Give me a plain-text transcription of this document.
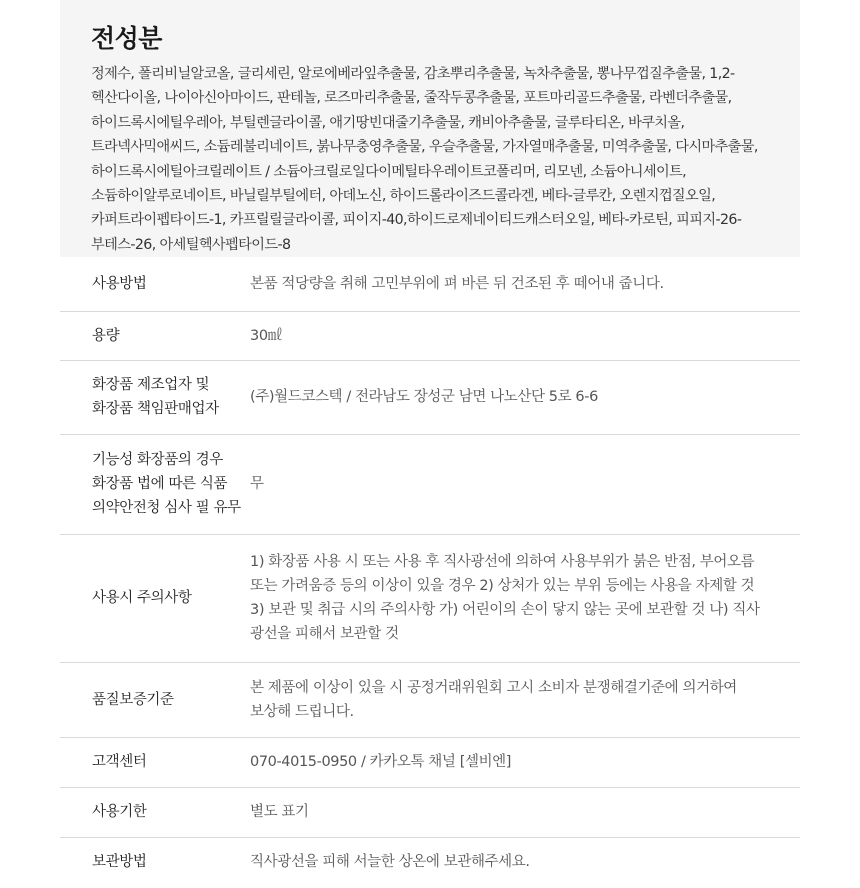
전성분

정제수, 폴리비닐알코올, 글리세린, 알로에베라잎추출물, 감초뿌리추출물, 녹차추출물, 뽕나무껍질추출물, 1,2-헥산다이올, 나이아신아마이드, 판테놀, 로즈마리추출물, 줄작두콩추출물, 포트마리골드추출물, 라벤더추출물, 하이드록시에틸우레아, 부틸렌글라이콜, 애기땅빈대줄기추출물, 캐비아추출물, 글루타티온, 바쿠치올, 트라넥사믹애씨드, 소듐레불리네이트, 붉나무충영추출물, 우슬추출물, 가자열매추출물, 미역추출물, 다시마추출물, 하이드록시에틸아크릴레이트 / 소듐아크릴로일다이메틸타우레이트코폴리머, 리모넨, 소듐아니세이트, 소듐하이알루로네이트, 바닐릴부틸에터, 아데노신, 하이드롤라이즈드콜라겐, 베타-글루칸, 오렌지껍질오일, 카퍼트라이펩타이드-1, 카프릴릴글라이콜, 피이지-40,하이드로제네이티드캐스터오일, 베타-카로틴, 피피지-26-부테스-26, 아세틸헥사펩타이드-8

사용방법	본품 적당량을 취해 고민부위에 펴 바른 뒤 건조된 후 떼어내 줍니다.
용량	30㎖
화장품 제조업자 및
화장품 책임판매업자	(주)월드코스텍 / 전라남도 장성군 남면 나노산단 5로 6-6
기능성 화장품의 경우
화장품 법에 따른 식품
의약안전청 심사 필 유무	무
사용시 주의사항	1) 화장품 사용 시 또는 사용 후 직사광선에 의하여 사용부위가 붉은 반점, 부어오름 또는 가려움증 등의 이상이 있을 경우 2) 상처가 있는 부위 등에는 사용을 자제할 것 3) 보관 및 취급 시의 주의사항 가) 어린이의 손이 닿지 않는 곳에 보관할 것 나) 직사 광선을 피해서 보관할 것
품질보증기준	본 제품에 이상이 있을 시 공정거래위원회 고시 소비자 분쟁해결기준에 의거하여 보상해 드립니다.
고객센터	070-4015-0950 / 카카오톡 채널 [셀비엔]
사용기한	별도 표기
보관방법	직사광선을 피해 서늘한 상온에 보관해주세요.
